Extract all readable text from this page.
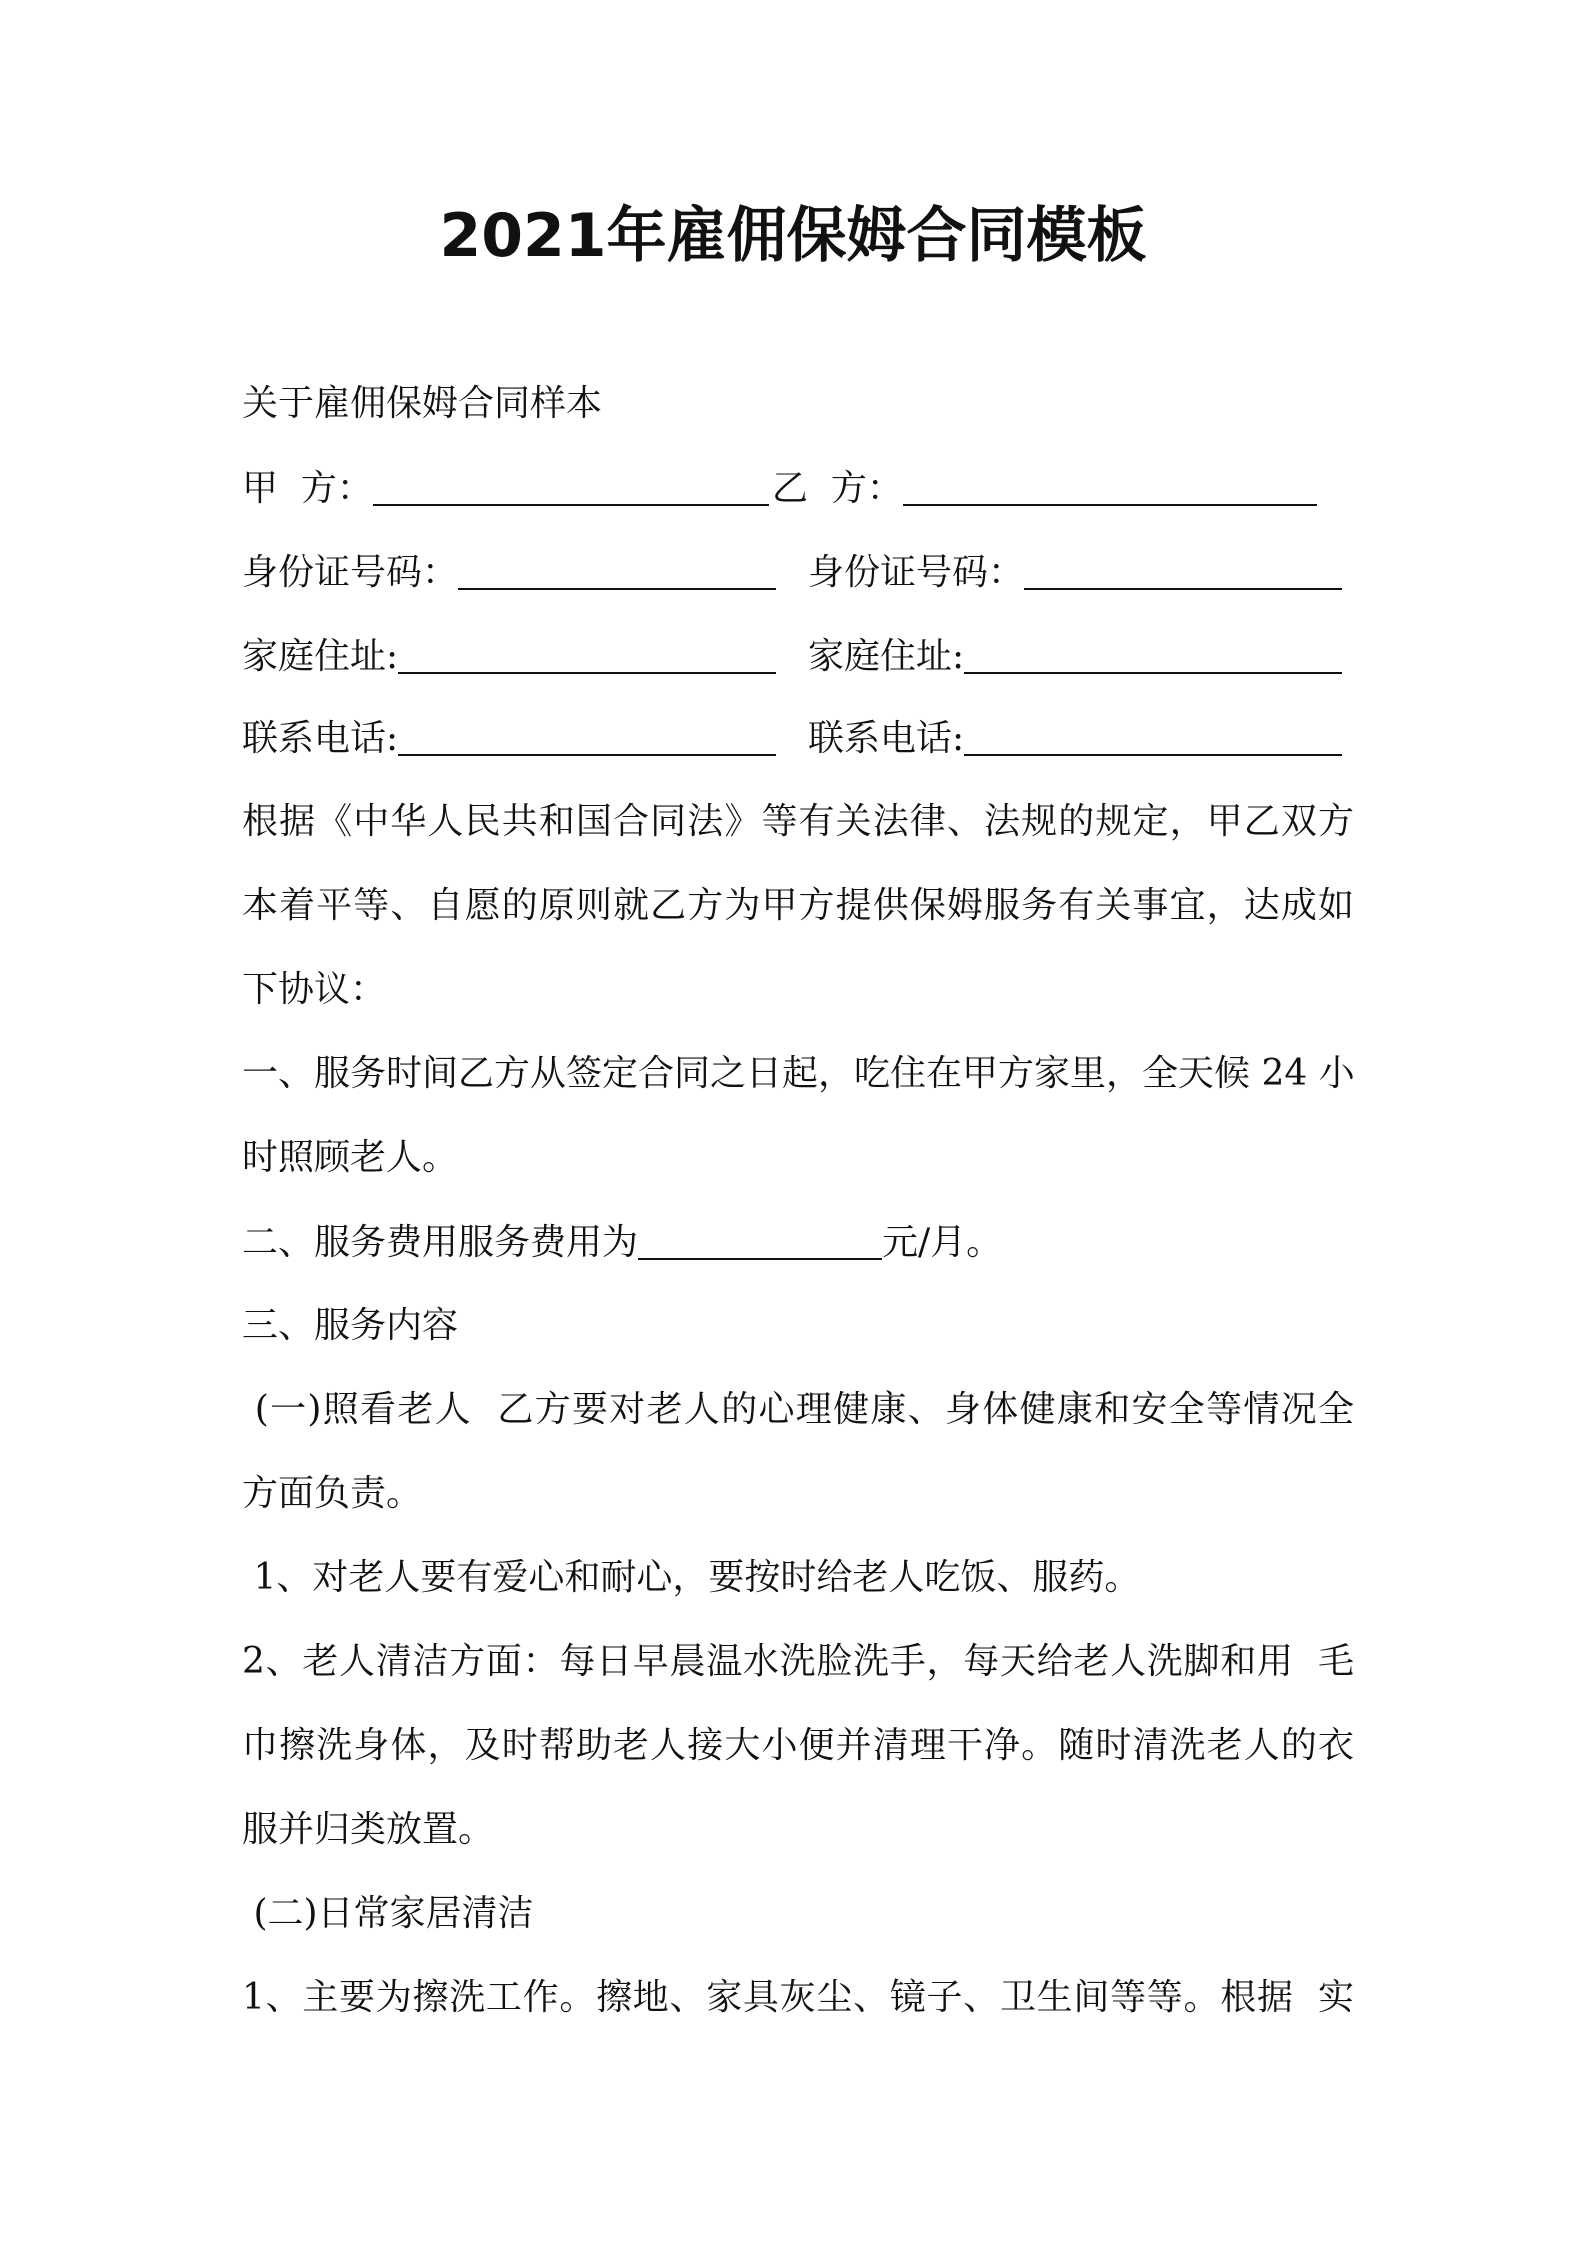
2021年雇佣保姆合同模板
关于雇佣保姆合同样本
甲  方：	乙  方：
身份证号码：	身份证号码：
家庭住址:	家庭住址:
联系电话:	联系电话:
根据《中华人民共和国合同法》等有关法律、法规的规定，甲乙双方
本着平等、自愿的原则就乙方为甲方提供保姆服务有关事宜，达成如
下协议：
一、服务时间乙方从签定合同之日起，吃住在甲方家里，全天候 24 小
时照顾老人。
二、服务费用服务费用为	元/月。
三、服务内容
(一)照看老人  乙方要对老人的心理健康、身体健康和安全等情况全
方面负责。
1、对老人要有爱心和耐心，要按时给老人吃饭、服药。
2、老人清洁方面：每日早晨温水洗脸洗手，每天给老人洗脚和用  毛
巾擦洗身体，及时帮助老人接大小便并清理干净。随时清洗老人的衣
服并归类放置。
(二)日常家居清洁
1、主要为擦洗工作。擦地、家具灰尘、镜子、卫生间等等。根据  实
